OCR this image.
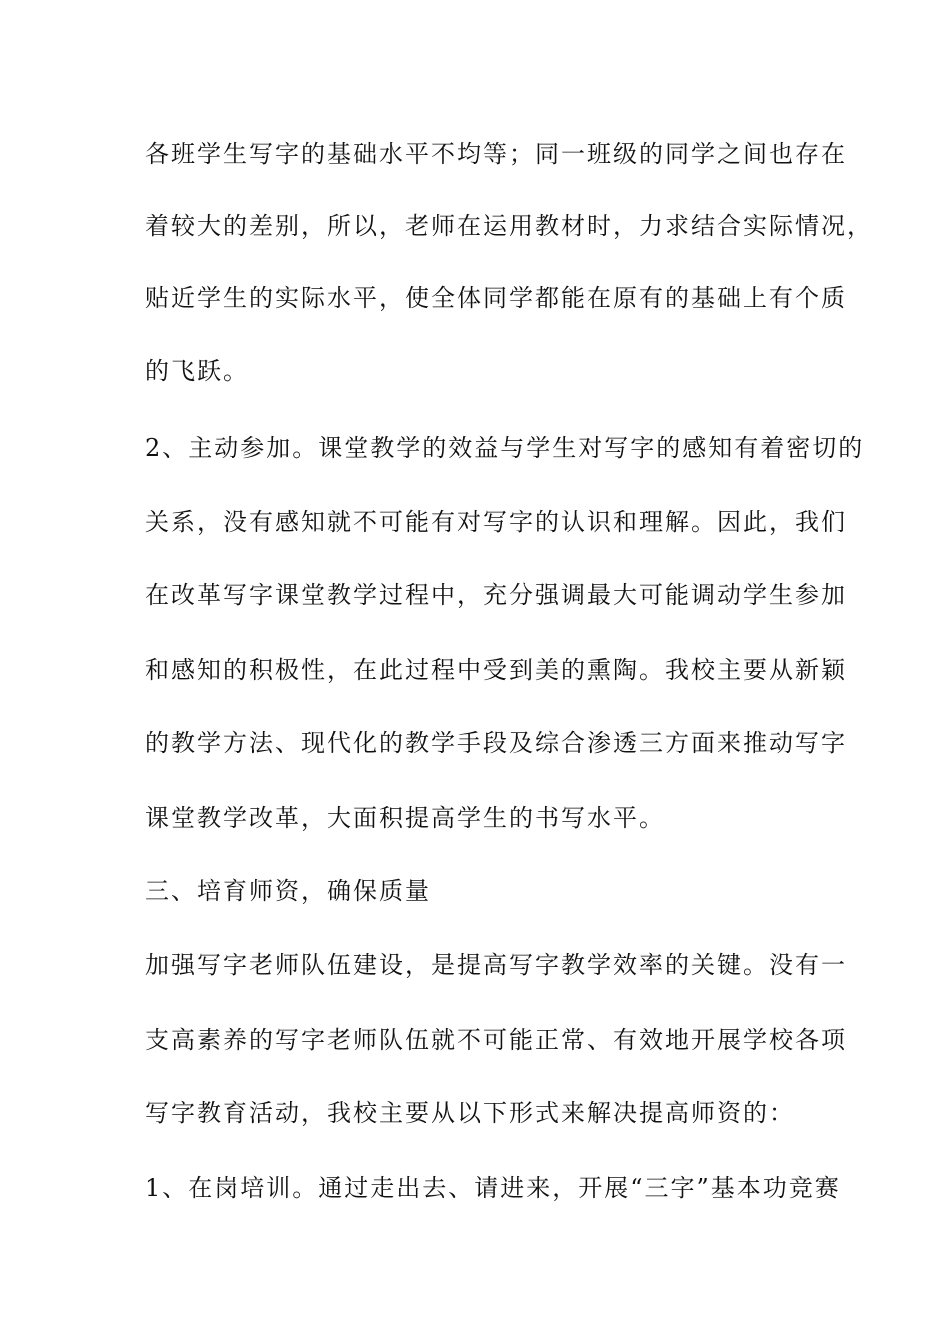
各班学生写字的基础水平不均等；同一班级的同学之间也存在
着较大的差别，所以，老师在运用教材时，力求结合实际情况，
贴近学生的实际水平，使全体同学都能在原有的基础上有个质
的飞跃。
2、主动参加。课堂教学的效益与学生对写字的感知有着密切的
关系，没有感知就不可能有对写字的认识和理解。因此，我们
在改革写字课堂教学过程中，充分强调最大可能调动学生参加
和感知的积极性，在此过程中受到美的熏陶。我校主要从新颖
的教学方法、现代化的教学手段及综合渗透三方面来推动写字
课堂教学改革，大面积提高学生的书写水平。
三、培育师资，确保质量
加强写字老师队伍建设，是提高写字教学效率的关键。没有一
支高素养的写字老师队伍就不可能正常、有效地开展学校各项
写字教育活动，我校主要从以下形式来解决提高师资的：
1、在岗培训。通过走出去、请进来，开展“三字”基本功竞赛
